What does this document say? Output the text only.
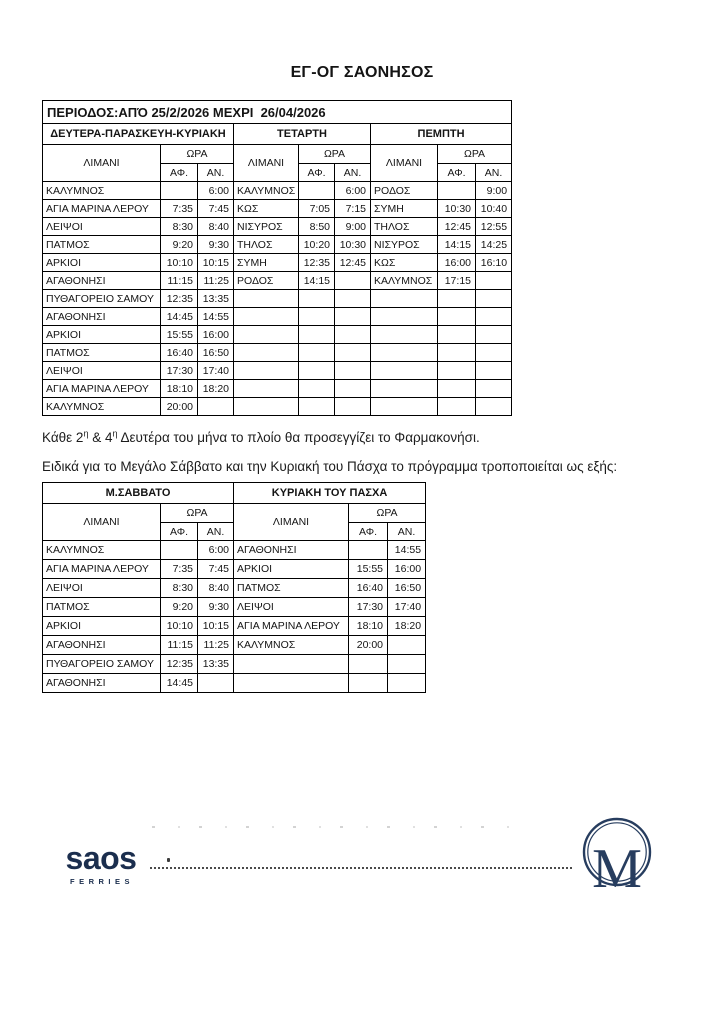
ΕΓ-ΟΓ ΣΑΟΝΗΣΟΣ
ΠΕΡΙΟΔΟΣ:ΑΠΌ 25/2/2026 ΜΕΧΡΙ  26/04/2026								
ΔΕΥΤΕΡΑ-ΠΑΡΑΣΚΕΥΗ-ΚΥΡΙΑΚΗ			ΤΕΤΑΡΤΗ			ΠΕΜΠΤΗ		
ΛΙΜΑΝΙ	ΩΡΑ		ΛΙΜΑΝΙ	ΩΡΑ		ΛΙΜΑΝΙ	ΩΡΑ	
	ΑΦ.	ΑΝ.		ΑΦ.	ΑΝ.		ΑΦ.	ΑΝ.
ΚΑΛΥΜΝΟΣ		6:00	ΚΑΛΥΜΝΟΣ		6:00	ΡΟΔΟΣ		9:00
ΑΓΙΑ ΜΑΡΙΝΑ ΛΕΡΟΥ	7:35	7:45	ΚΩΣ	7:05	7:15	ΣΥΜΗ	10:30	10:40
ΛΕΙΨΟΙ	8:30	8:40	ΝΙΣΥΡΟΣ	8:50	9:00	ΤΗΛΟΣ	12:45	12:55
ΠΑΤΜΟΣ	9:20	9:30	ΤΗΛΟΣ	10:20	10:30	ΝΙΣΥΡΟΣ	14:15	14:25
ΑΡΚΙΟΙ	10:10	10:15	ΣΥΜΗ	12:35	12:45	ΚΩΣ	16:00	16:10
ΑΓΑΘΟΝΗΣΙ	11:15	11:25	ΡΟΔΟΣ	14:15		ΚΑΛΥΜΝΟΣ	17:15	
ΠΥΘΑΓΟΡΕΙΟ ΣΑΜΟΥ	12:35	13:35						
ΑΓΑΘΟΝΗΣΙ	14:45	14:55						
ΑΡΚΙΟΙ	15:55	16:00						
ΠΑΤΜΟΣ	16:40	16:50						
ΛΕΙΨΟΙ	17:30	17:40						
ΑΓΙΑ ΜΑΡΙΝΑ ΛΕΡΟΥ	18:10	18:20						
ΚΑΛΥΜΝΟΣ	20:00							

Κάθε $2^\eta$ & $4^\eta$ Δευτέρα του μήνα το πλοίο θα προσεγγίζει το Φαρμακονήσι.

Ειδικά για το Μεγάλο Σάββατο και την Κυριακή του Πάσχα το πρόγραμμα τροποποιείται ως εξής:

Μ.ΣΑΒΒΑΤΟ			ΚΥΡΙΑΚΗ ΤΟΥ ΠΑΣΧΑ		
ΛΙΜΑΝΙ	ΩΡΑ		ΛΙΜΑΝΙ	ΩΡΑ	
	ΑΦ.	ΑΝ.		ΑΦ.	ΑΝ.
ΚΑΛΥΜΝΟΣ		6:00	ΑΓΑΘΟΝΗΣΙ		14:55
ΑΓΙΑ ΜΑΡΙΝΑ ΛΕΡΟΥ	7:35	7:45	ΑΡΚΙΟΙ	15:55	16:00
ΛΕΙΨΟΙ	8:30	8:40	ΠΑΤΜΟΣ	16:40	16:50
ΠΑΤΜΟΣ	9:20	9:30	ΛΕΙΨΟΙ	17:30	17:40
ΑΡΚΙΟΙ	10:10	10:15	ΑΓΙΑ ΜΑΡΙΝΑ ΛΕΡΟΥ	18:10	18:20
ΑΓΑΘΟΝΗΣΙ	11:15	11:25	ΚΑΛΥΜΝΟΣ	20:00	
ΠΥΘΑΓΟΡΕΙΟ ΣΑΜΟΥ	12:35	13:35			
ΑΓΑΘΟΝΗΣΙ	14:45				
saos
FERRIES	M
